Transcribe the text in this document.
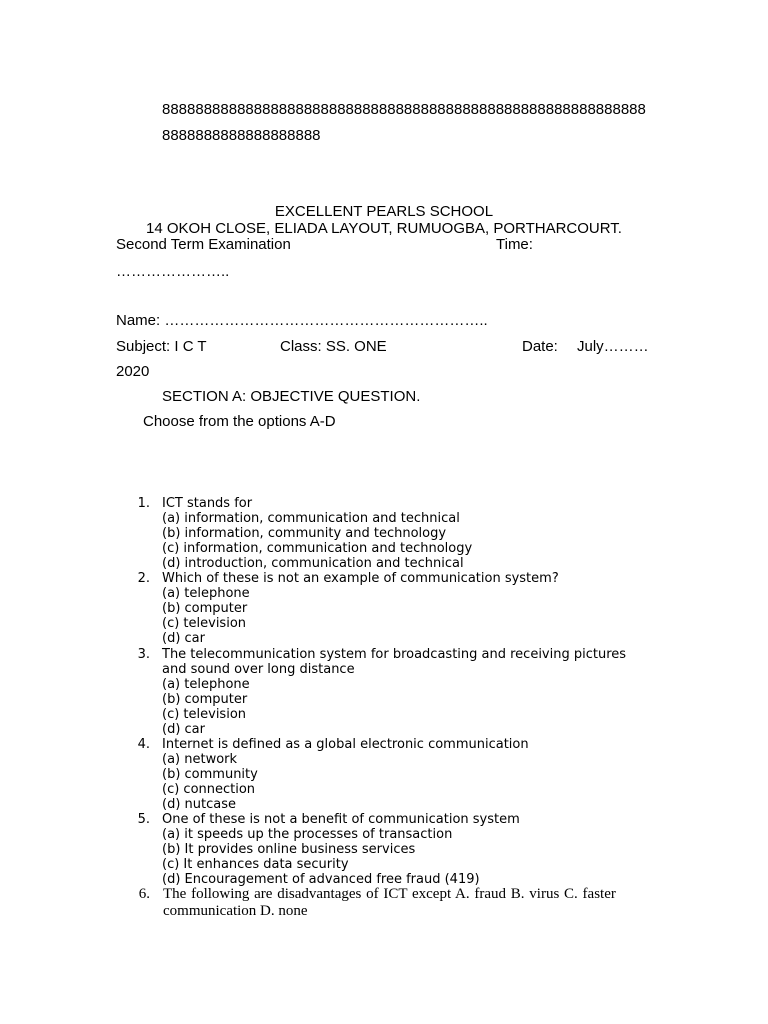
8888888888888888888888888888888888888888888888888888888888
8888888888888888888
EXCELLENT PEARLS SCHOOL
14 OKOH CLOSE, ELIADA LAYOUT, RUMUOGBA, PORTHARCOURT.
Second Term Examination	Time:
…………………..
Name: ………………………………………………………..
Subject: I C T	Class: SS. ONE	Date: July………
2020
SECTION A: OBJECTIVE QUESTION.
Choose from the options A-D
1. ICT stands for
(a) information, communication and technical
(b) information, community and technology
(c) information, communication and technology
(d) introduction, communication and technical
2. Which of these is not an example of communication system?
(a) telephone
(b) computer
(c) television
(d) car
3. The telecommunication system for broadcasting and receiving pictures
and sound over long distance
(a) telephone
(b) computer
(c) television
(d) car
4. Internet is defined as a global electronic communication
(a) network
(b) community
(c) connection
(d) nutcase
5. One of these is not a benefit of communication system
(a) it speeds up the processes of transaction
(b) It provides online business services
(c) It enhances data security
(d) Encouragement of advanced free fraud (419)
6. The following are disadvantages of ICT except A. fraud B. virus C. faster
communication D. none
